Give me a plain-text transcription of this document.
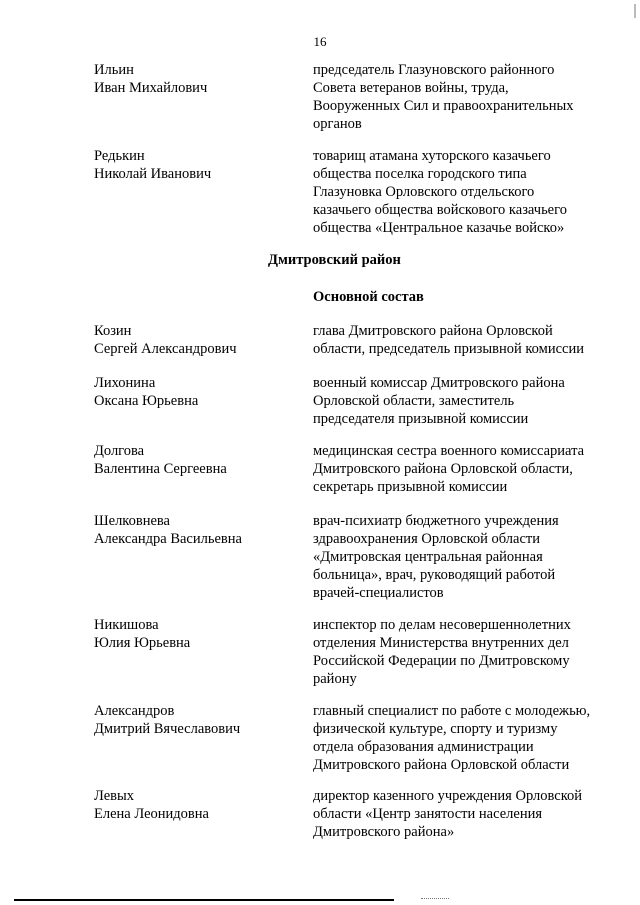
16
Ильин
Иван Михайлович
председатель Глазуновского районного
Совета ветеранов войны, труда,
Вооруженных Сил и правоохранительных
органов
Редькин
Николай Иванович
товарищ атамана хуторского казачьего
общества поселка городского типа
Глазуновка Орловского отдельского
казачьего общества войскового казачьего
общества «Центральное казачье войско»
Дмитровский район
Основной состав
Козин
Сергей Александрович
глава Дмитровского района Орловской
области, председатель призывной комиссии
Лихонина
Оксана Юрьевна
военный комиссар Дмитровского района
Орловской области, заместитель
председателя призывной комиссии
Долгова
Валентина Сергеевна
медицинская сестра военного комиссариата
Дмитровского района Орловской области,
секретарь призывной комиссии
Шелковнева
Александра Васильевна
врач-психиатр бюджетного учреждения
здравоохранения Орловской области
«Дмитровская центральная районная
больница», врач, руководящий работой
врачей-специалистов
Никишова
Юлия Юрьевна
инспектор по делам несовершеннолетних
отделения Министерства внутренних дел
Российской Федерации по Дмитровскому
району
Александров
Дмитрий Вячеславович
главный специалист по работе с молодежью,
физической культуре, спорту и туризму
отдела образования администрации
Дмитровского района Орловской области
Левых
Елена Леонидовна
директор казенного учреждения Орловской
области «Центр занятости населения
Дмитровского района»
